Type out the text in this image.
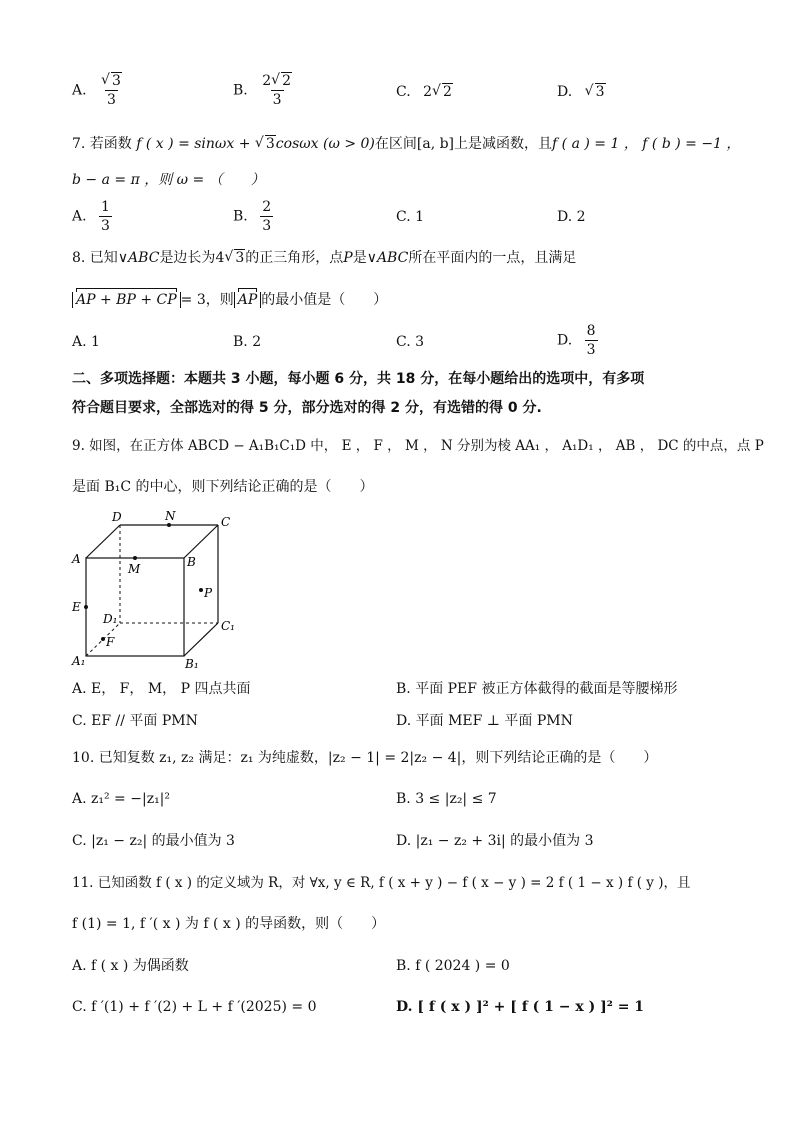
A. √ $\frac{3}{3}$	B. $\frac{2 √ 2}{3}$	C. 2 √ 2	D. √ 3
7. 若函数 f ( x ) = sinωx + √ 3cosωx (ω > 0)在区间[a, b]上是减函数，且f ( a ) = 1 ， f ( b ) = −1 ，
b − a = π ，则 ω = （　　）
A. $\frac{1}{3}$	B. $\frac{2}{3}$	C. 1	D. 2
8. 已知∨ABC是边长为4 √ 3的正三角形，点P是∨ABC所在平面内的一点，且满足
AP + BP + CP = 3，则 AP 的最小值是（　　）
A. 1	B. 2	C. 3	D. $\frac{8}{3}$
二、多项选择题：本题共 3 小题，每小题 6 分，共 18 分，在每小题给出的选项中，有多项
符合题目要求，全部选对的得 5 分，部分选对的得 2 分，有选错的得 0 分.
9. 如图，在正方体 ABCD − A₁B₁C₁D 中， E ， F ， M ， N 分别为棱 AA₁ ， A₁D₁ ， AB ， DC 的中点，点 P
是面 B₁C 的中心，则下列结论正确的是（　　）
D	N	C
A
M	B
P
E
D₁	C₁
F
A₁	B₁
A. E， F， M， P 四点共面	B. 平面 PEF 被正方体截得的截面是等腰梯形
C. EF // 平面 PMN	D. 平面 MEF ⊥ 平面 PMN
10. 已知复数 z₁, z₂ 满足：z₁ 为纯虚数，|z₂ − 1| = 2|z₂ − 4|，则下列结论正确的是（　　）
A. z₁² = −|z₁|²	B. 3 ≤ |z₂| ≤ 7
C. |z₁ − z₂| 的最小值为 3	D. |z₁ − z₂ + 3i| 的最小值为 3
11. 已知函数 f ( x ) 的定义域为 R，对 ∀x, y ∈ R, f ( x + y ) − f ( x − y ) = 2 f ( 1 − x ) f ( y )，且
f (1) = 1, f ′( x ) 为 f ( x ) 的导函数，则（　　）
A. f ( x ) 为偶函数	B. f ( 2024 ) = 0
C. f ′(1) + f ′(2) + L + f ′(2025) = 0	D. [ f ( x ) ]² + [ f ( 1 − x ) ]² = 1
